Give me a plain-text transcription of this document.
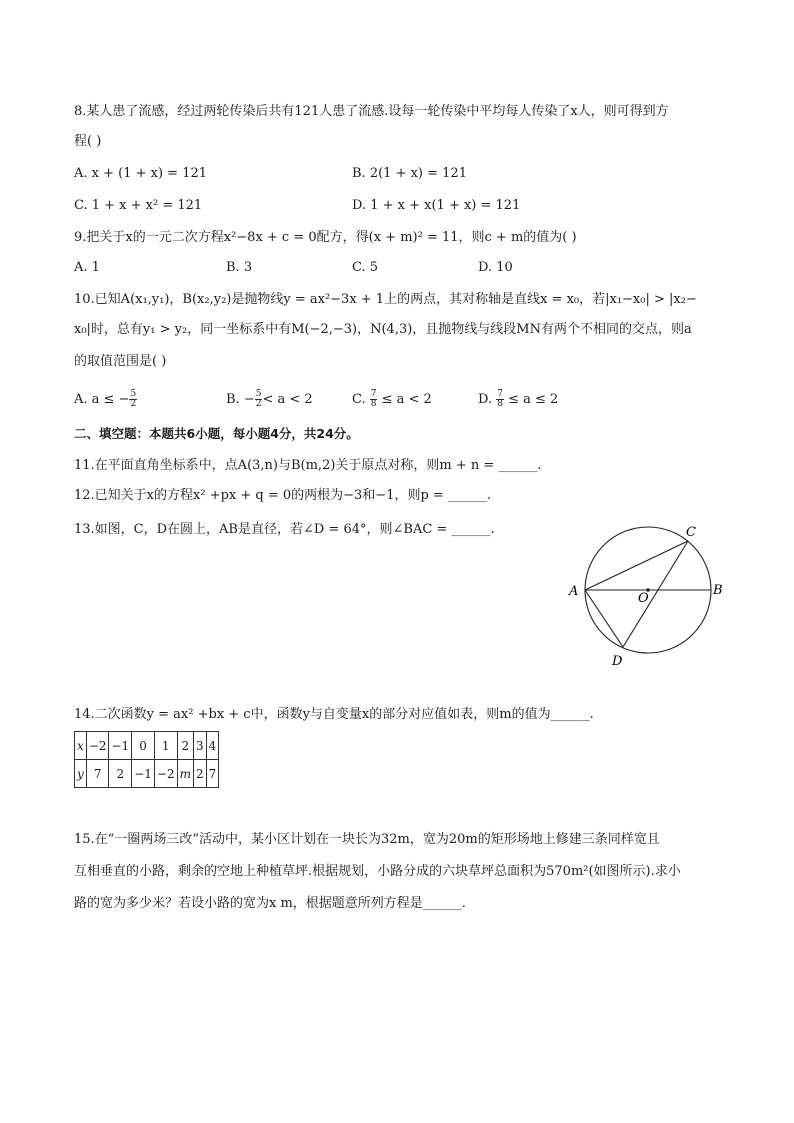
8.某人患了流感，经过两轮传染后共有121人患了流感.设每一轮传染中平均每人传染了x人，则可得到方
程( )
A. x + (1 + x) = 121	B. 2(1 + x) = 121
C. 1 + x + x² = 121	D. 1 + x + x(1 + x) = 121
9.把关于x的一元二次方程x²−8x + c = 0配方，得(x + m)² = 11，则c + m的值为( )
A. 1	B. 3	C. 5	D. 10
10.已知A(x₁,y₁)，B(x₂,y₂)是抛物线y = ax²−3x + 1上的两点，其对称轴是直线x = x₀，若|x₁−x₀| > |x₂−
x₀|时，总有y₁ > y₂，同一坐标系中有M(−2,−3)，N(4,3)，且抛物线与线段MN有两个不相同的交点，则a
的取值范围是( )
A. a ≤ − $\frac{5}{2}$	B. − $\frac{5}{2} < a < 2$	C. $\frac{7}{8} \le a < 2$	D. $\frac{7}{8} \le a \le 2$
二、填空题：本题共6小题，每小题4分，共24分。
11.在平面直角坐标系中，点A(3,n)与B(m,2)关于原点对称，则m + n = ______.
12.已知关于x的方程x² +px + q = 0的两根为−3和−1，则p = ______.
13.如图，C，D在圆上，AB是直径，若∠D = 64°，则∠BAC = ______.
A	B
C
D
O
14.二次函数y = ax² +bx + c中，函数y与自变量x的部分对应值如表，则m的值为______.
x	−2	−1	0	1	2	3	4
y	7	2	−1	−2	m	2	7
15.在“一圈两场三改”活动中，某小区计划在一块长为32m，宽为20m的矩形场地上修建三条同样宽且
互相垂直的小路，剩余的空地上种植草坪.根据规划，小路分成的六块草坪总面积为570m²(如图所示).求小
路的宽为多少米？若设小路的宽为x m，根据题意所列方程是______.
